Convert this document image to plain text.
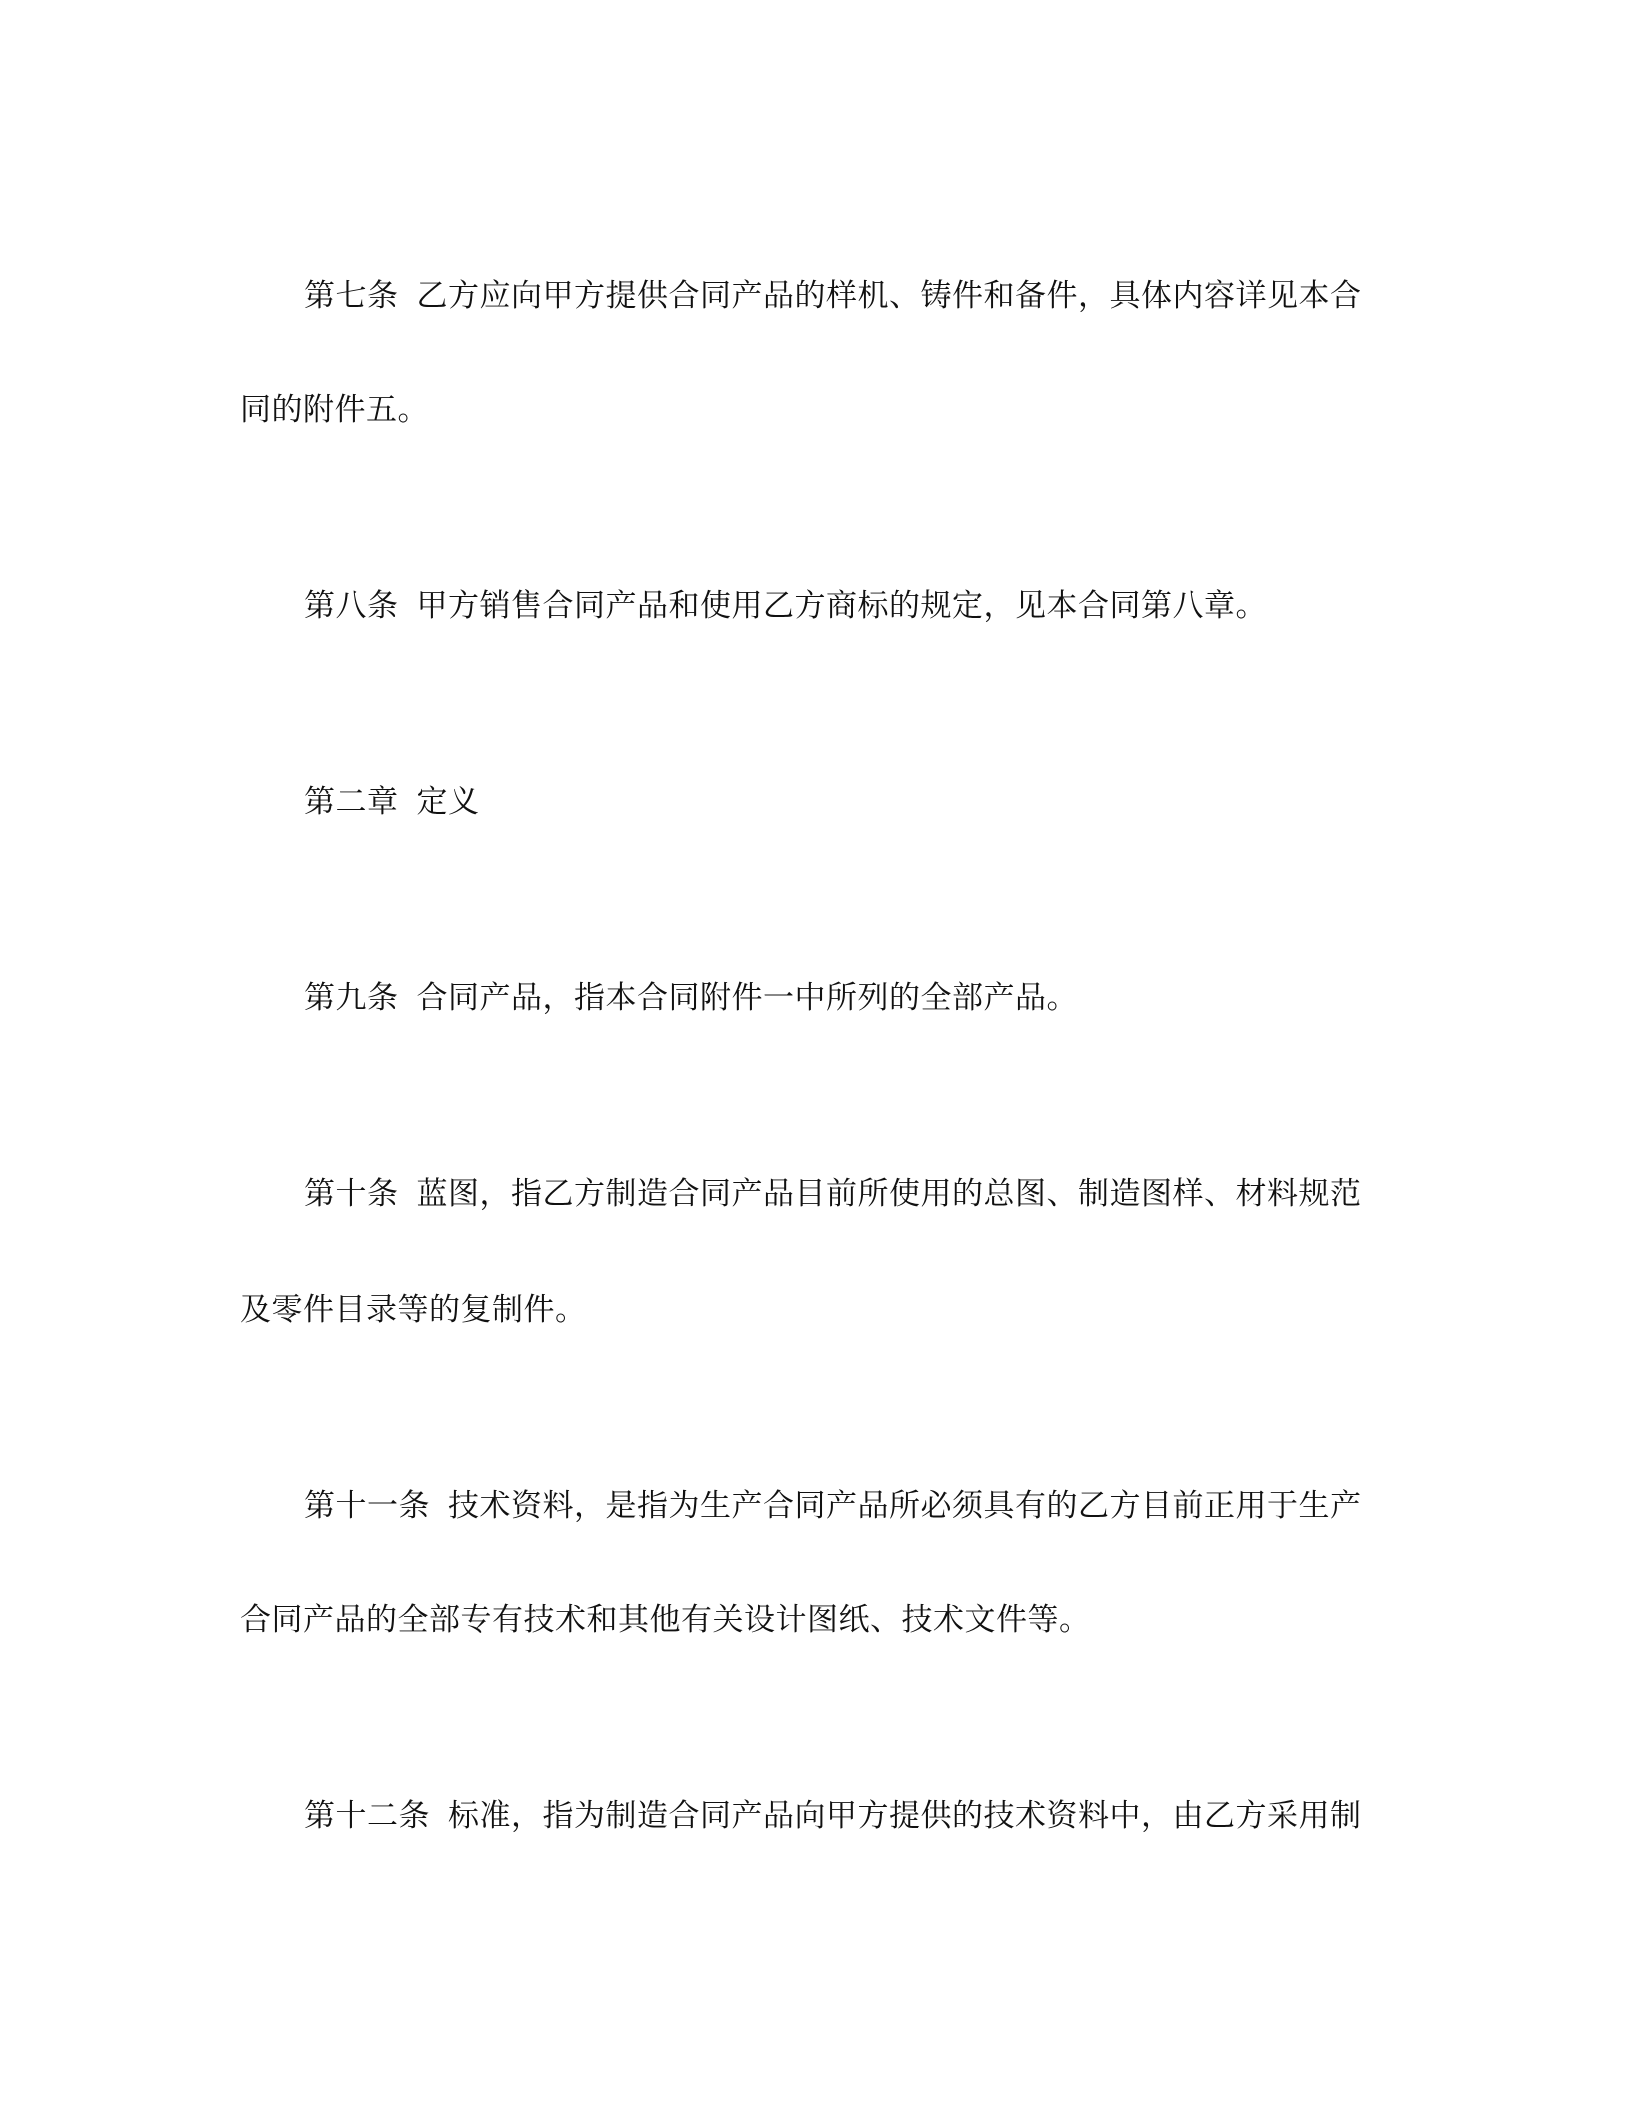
第七条 乙方应向甲方提供合同产品的样机、铸件和备件，具体内容详见本合
同的附件五。
第八条 甲方销售合同产品和使用乙方商标的规定，见本合同第八章。
第二章 定义
第九条 合同产品，指本合同附件一中所列的全部产品。
第十条 蓝图，指乙方制造合同产品目前所使用的总图、制造图样、材料规范
及零件目录等的复制件。
第十一条 技术资料，是指为生产合同产品所必须具有的乙方目前正用于生产
合同产品的全部专有技术和其他有关设计图纸、技术文件等。
第十二条 标准，指为制造合同产品向甲方提供的技术资料中，由乙方采用制
